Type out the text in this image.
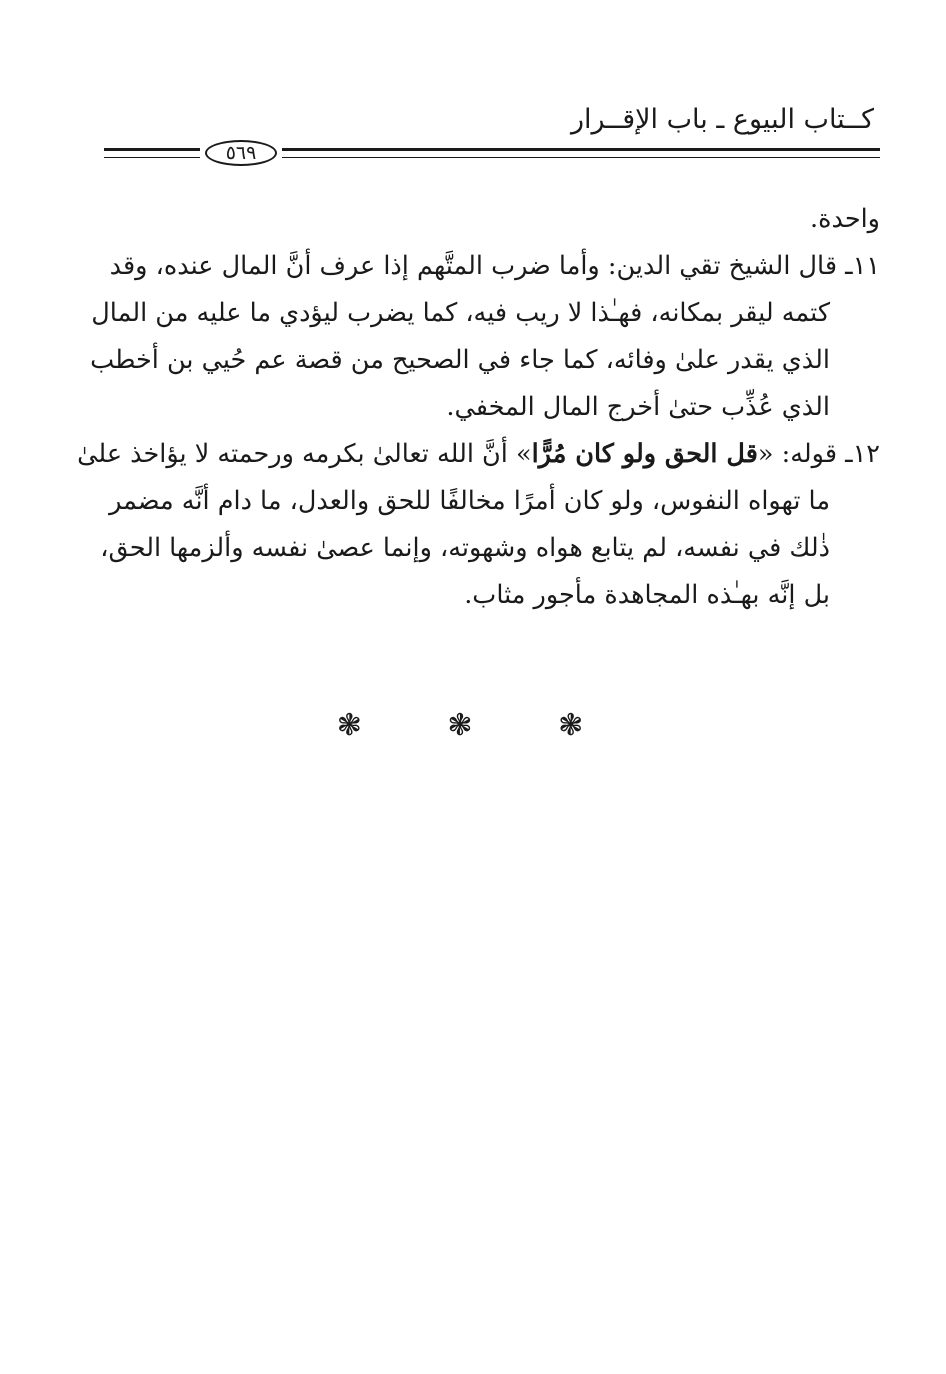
كــتاب البيوع ـ باب الإقــرار
٥٦٩
واحدة.
١١ـ قال الشيخ تقي الدين: وأما ضرب المتَّهم إذا عرف أنَّ المال عنده، وقد
كتمه ليقر بمكانه، فهـٰذا لا ريب فيه، كما يضرب ليؤدي ما عليه من المال
الذي يقدر علىٰ وفائه، كما جاء في الصحيح من قصة عم حُيي بن أخطب
الذي عُذِّب حتىٰ أخرج المال المخفي.
١٢ـ قوله: «قل الحق ولو كان مُرًّا» أنَّ الله تعالىٰ بكرمه ورحمته لا يؤاخذ علىٰ
ما تهواه النفوس، ولو كان أمرًا مخالفًا للحق والعدل، ما دام أنَّه مضمر
ذٰلك في نفسه، لم يتابع هواه وشهوته، وإنما عصىٰ نفسه وألزمها الحق،
بل إنَّه بهـٰذه المجاهدة مأجور مثاب.
❃ ❃ ❃
